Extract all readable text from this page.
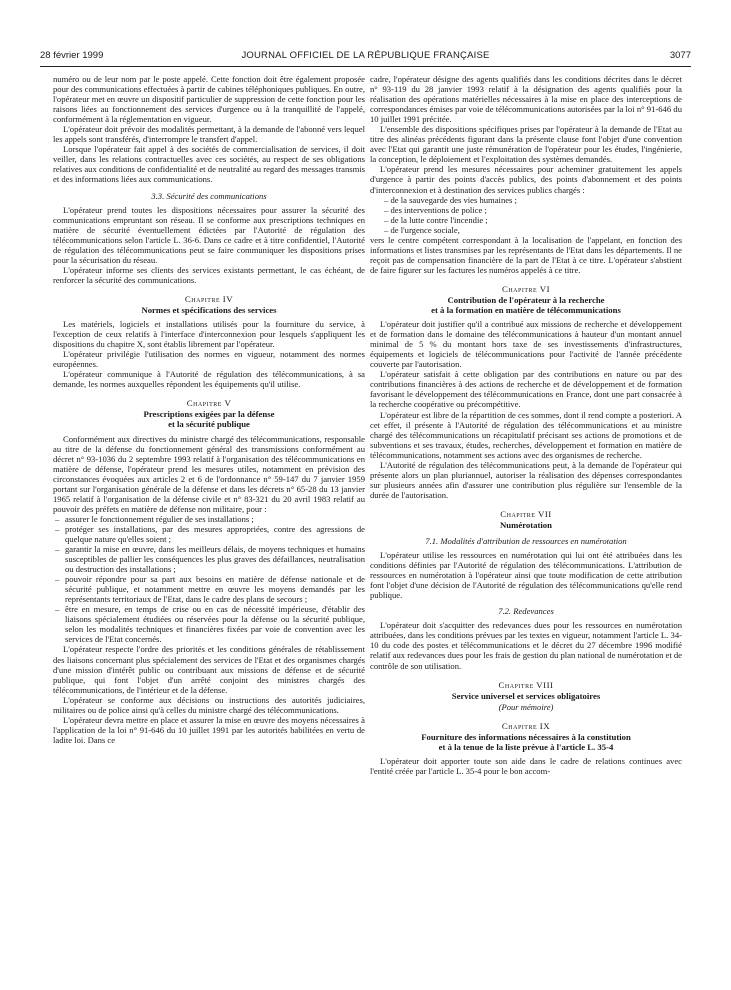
28 février 1999	JOURNAL OFFICIEL DE LA RÉPUBLIQUE FRANÇAISE	3077

numéro ou de leur nom par le poste appelé. Cette fonction doit être également proposée pour des communications effectuées à partir de cabines téléphoniques publiques. En outre, l'opérateur met en œuvre un dispositif particulier de suppression de cette fonction pour les raisons liées au fonctionnement des services d'urgence ou à la tranquillité de l'appelé, conformément à la réglementation en vigueur.

L'opérateur doit prévoir des modalités permettant, à la demande de l'abonné vers lequel les appels sont transférés, d'interrompre le transfert d'appel.

Lorsque l'opérateur fait appel à des sociétés de commercialisation de services, il doit veiller, dans les relations contractuelles avec ces sociétés, au respect de ses obligations relatives aux conditions de confidentialité et de neutralité au regard des messages transmis et des informations liées aux communications.

3.3. Sécurité des communications

L'opérateur prend toutes les dispositions nécessaires pour assurer la sécurité des communications empruntant son réseau. Il se conforme aux prescriptions techniques en matière de sécurité éventuellement édictées par l'Autorité de régulation des télécommunications selon l'article L. 36-6. Dans ce cadre et à titre confidentiel, l'Autorité de régulation des télécommunications peut se faire communiquer les dispositions prises pour la sécurisation du réseau.

L'opérateur informe ses clients des services existants permettant, le cas échéant, de renforcer la sécurité des communications.

Chapitre IV
Normes et spécifications des services

Les matériels, logiciels et installations utilisés pour la fourniture du service, à l'exception de ceux relatifs à l'interface d'interconnexion pour lesquels s'appliquent les dispositions du chapitre X, sont établis librement par l'opérateur.

L'opérateur privilégie l'utilisation des normes en vigueur, notamment des normes européennes.

L'opérateur communique à l'Autorité de régulation des télécommunications, à sa demande, les normes auxquelles répondent les équipements qu'il utilise.

Chapitre V
Prescriptions exigées par la défense
et la sécurité publique

Conformément aux directives du ministre chargé des télécommunications, responsable au titre de la défense du fonctionnement général des transmissions conformément au décret n° 93-1036 du 2 septembre 1993 relatif à l'organisation des télécommunications en matière de défense, l'opérateur prend les mesures utiles, notamment en prévision des circonstances évoquées aux articles 2 et 6 de l'ordonnance n° 59-147 du 7 janvier 1959 portant sur l'organisation générale de la défense et dans les décrets n° 65-28 du 13 janvier 1965 relatif à l'organisation de la défense civile et n° 83-321 du 20 avril 1983 relatif au pouvoir des préfets en matière de défense non militaire, pour :

– assurer le fonctionnement régulier de ses installations ;
– protéger ses installations, par des mesures appropriées, contre des agressions de quelque nature qu'elles soient ;
– garantir la mise en œuvre, dans les meilleurs délais, de moyens techniques et humains susceptibles de pallier les conséquences les plus graves des défaillances, neutralisation ou destruction des installations ;
– pouvoir répondre pour sa part aux besoins en matière de défense nationale et de sécurité publique, et notamment mettre en œuvre les moyens demandés par les représentants territoriaux de l'Etat, dans le cadre des plans de secours ;
– être en mesure, en temps de crise ou en cas de nécessité impérieuse, d'établir des liaisons spécialement étudiées ou réservées pour la défense ou la sécurité publique, selon les modalités techniques et financières fixées par voie de convention avec les services de l'Etat concernés.

L'opérateur respecte l'ordre des priorités et les conditions générales de rétablissement des liaisons concernant plus spécialement des services de l'Etat et des organismes chargés d'une mission d'intérêt public ou contribuant aux missions de défense et de sécurité publique, qui font l'objet d'un arrêté conjoint des ministres chargés des télécommunications, de l'intérieur et de la défense.

L'opérateur se conforme aux décisions ou instructions des autorités judiciaires, militaires ou de police ainsi qu'à celles du ministre chargé des télécommunications.

L'opérateur devra mettre en place et assurer la mise en œuvre des moyens nécessaires à l'application de la loi n° 91-646 du 10 juillet 1991 par les autorités habilitées en vertu de ladite loi. Dans ce

cadre, l'opérateur désigne des agents qualifiés dans les conditions décrites dans le décret n° 93-119 du 28 janvier 1993 relatif à la désignation des agents qualifiés pour la réalisation des opérations matérielles nécessaires à la mise en place des interceptions de correspondances émises par voie de télécommunications autorisées par la loi n° 91-646 du 10 juillet 1991 précitée.

L'ensemble des dispositions spécifiques prises par l'opérateur à la demande de l'Etat au titre des alinéas précédents figurant dans la présente clause font l'objet d'une convention avec l'Etat qui garantit une juste rémunération de l'opérateur pour les études, l'ingénierie, la conception, le déploiement et l'exploitation des systèmes demandés.

L'opérateur prend les mesures nécessaires pour acheminer gratuitement les appels d'urgence à partir des points d'accès publics, des points d'abonnement et des points d'interconnexion et à destination des services publics chargés :

– de la sauvegarde des vies humaines ;
– des interventions de police ;
– de la lutte contre l'incendie ;
– de l'urgence sociale,

vers le centre compétent correspondant à la localisation de l'appelant, en fonction des informations et listes transmises par les représentants de l'Etat dans les départements. Il ne reçoit pas de compensation financière de la part de l'Etat à ce titre. L'opérateur s'abstient de faire figurer sur les factures les numéros appelés à ce titre.

Chapitre VI
Contribution de l'opérateur à la recherche
et à la formation en matière de télécommunications

L'opérateur doit justifier qu'il a contribué aux missions de recherche et développement et de formation dans le domaine des télécommunications à hauteur d'un montant annuel minimal de 5 % du montant hors taxe de ses investissements d'infrastructures, équipements et logiciels de télécommunications pour l'activité de l'année précédente couverte par l'autorisation.

L'opérateur satisfait à cette obligation par des contributions en nature ou par des contributions financières à des actions de recherche et de développement et de formation favorisant le développement des télécommunications en France, dont une part consacrée à la recherche coopérative ou précompétitive.

L'opérateur est libre de la répartition de ces sommes, dont il rend compte a posteriori. A cet effet, il présente à l'Autorité de régulation des télécommunications et au ministre chargé des télécommunications un récapitulatif précisant ses actions de promotions et de subventions et ses travaux, études, recherches, développement et formation en matière de télécommunications, notamment ses actions avec des organismes de recherche.

L'Autorité de régulation des télécommunications peut, à la demande de l'opérateur qui présente alors un plan pluriannuel, autoriser la réalisation des dépenses correspondantes sur plusieurs années afin d'assurer une contribution plus régulière sur l'ensemble de la durée de l'autorisation.

Chapitre VII
Numérotation
7.1. Modalités d'attribution de ressources en numérotation

L'opérateur utilise les ressources en numérotation qui lui ont été attribuées dans les conditions définies par l'Autorité de régulation des télécommunications. L'attribution de ressources en numérotation à l'opérateur ainsi que toute modification de cette attribution font l'objet d'une décision de l'Autorité de régulation des télécommunications qu'elle rend publique.

7.2. Redevances

L'opérateur doit s'acquitter des redevances dues pour les ressources en numérotation attribuées, dans les conditions prévues par les textes en vigueur, notamment l'article L. 34-10 du code des postes et télécommunications et le décret du 27 décembre 1996 modifié relatif aux redevances dues pour les frais de gestion du plan national de numérotation et de contrôle de son utilisation.

Chapitre VIII
Service universel et services obligatoires
(Pour mémoire)
Chapitre IX
Fourniture des informations nécessaires à la constitution
et à la tenue de la liste prévue à l'article L. 35-4

L'opérateur doit apporter toute son aide dans le cadre de relations continues avec l'entité créée par l'article L. 35-4 pour le bon accom-
